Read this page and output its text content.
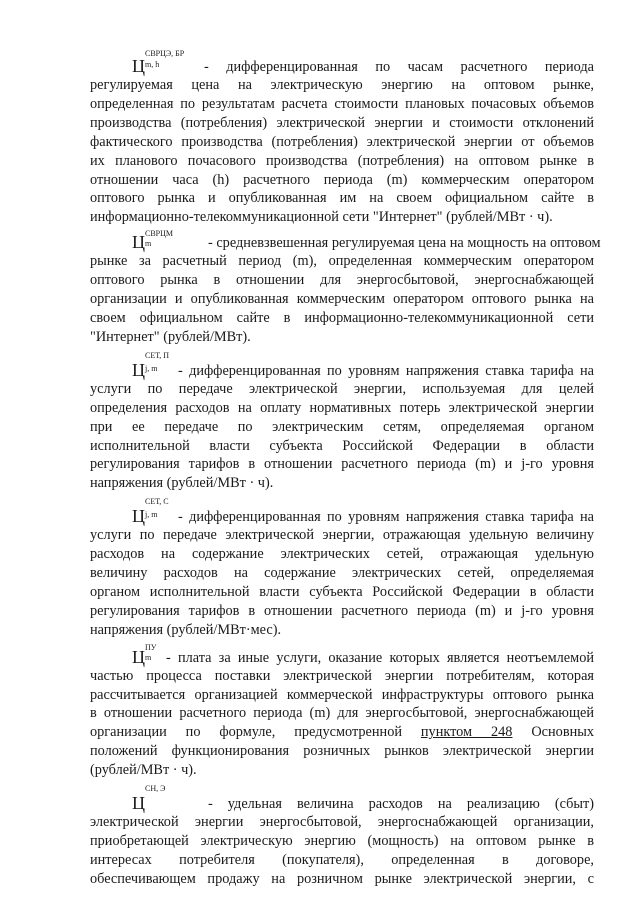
Ц
СВРЦЭ, БР
m, h	- дифференцированная по часам расчетного периода

регулируемая цена на электрическую энергию на оптовом рынке,

определенная по результатам расчета стоимости плановых почасовых объемов

производства (потребления) электрической энергии и стоимости отклонений

фактического производства (потребления) электрической энергии от объемов

их планового почасового производства (потребления) на оптовом рынке в

отношении часа (h) расчетного периода (m) коммерческим оператором

оптового рынка и опубликованная им на своем официальном сайте в

информационно-телекоммуникационной сети "Интернет" (рублей/МВт · ч).

Ц СВРЦМ
m	- средневзвешенная регулируемая цена на мощность на оптовом

рынке за расчетный период (m), определенная коммерческим оператором

оптового рынка в отношении для энергосбытовой, энергоснабжающей

организации и опубликованная коммерческим оператором оптового рынка на

своем официальном сайте в информационно-телекоммуникационной сети

"Интернет" (рублей/МВт).

Ц
СЕТ, П
j, m - дифференцированная по уровням напряжения ставка тарифа на

услуги по передаче электрической энергии, используемая для целей

определения расходов на оплату нормативных потерь электрической энергии

при ее передаче по электрическим сетям, определяемая органом

исполнительной власти субъекта Российской Федерации в области

регулирования тарифов в отношении расчетного периода (m) и j-го уровня

напряжения (рублей/МВт · ч).

Ц
СЕТ, С
j, m - дифференцированная по уровням напряжения ставка тарифа на

услуги по передаче электрической энергии, отражающая удельную величину

расходов на содержание электрических сетей, отражающая удельную

величину расходов на содержание электрических сетей, определяемая

органом исполнительной власти субъекта Российской Федерации в области

регулирования тарифов в отношении расчетного периода (m) и j-го уровня

напряжения (рублей/МВт·мес).

Ц ПУ
m - плата за иные услуги, оказание которых является неотъемлемой

частью процесса поставки электрической энергии потребителям, которая

рассчитывается организацией коммерческой инфраструктуры оптового рынка

в отношении расчетного периода (m) для энергосбытовой, энергоснабжающей

организации по формуле, предусмотренной пунктом 248 Основных

положений функционирования розничных рынков электрической энергии

(рублей/МВт · ч).

Ц
СН, Э
- удельная величина расходов на реализацию (сбыт)

электрической энергии энергосбытовой, энергоснабжающей организации,

приобретающей электрическую энергию (мощность) на оптовом рынке в

интересах потребителя (покупателя), определенная в договоре,

обеспечивающем продажу на розничном рынке электрической энергии, с
